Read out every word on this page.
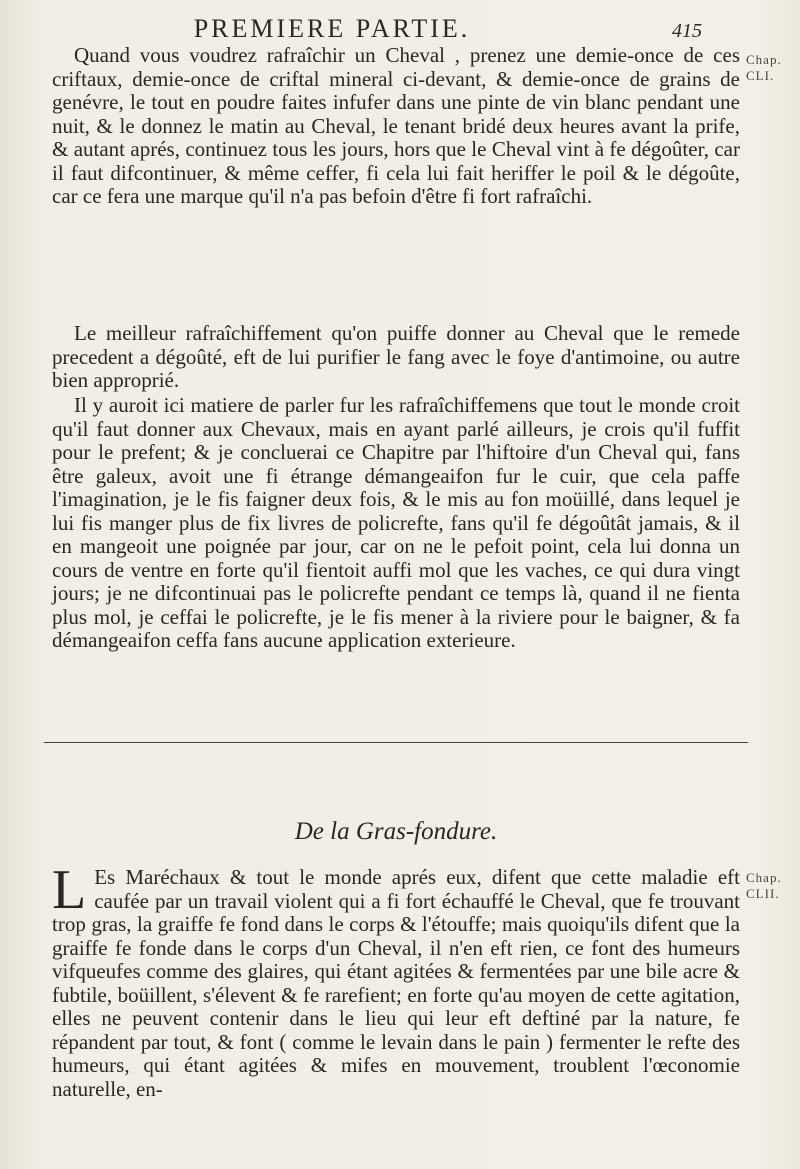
PREMIERE PARTIE.	415
Chap.
CLI.

Quand vous voudrez rafraîchir un Cheval , prenez une demie-once de ces criftaux, demie-once de criftal mineral ci-devant, & demie-once de grains de genévre, le tout en poudre faites infufer dans une pinte de vin blanc pendant une nuit, & le donnez le matin au Cheval, le tenant bridé deux heures avant la prife, & autant aprés, continuez tous les jours, hors que le Cheval vint à fe dégoûter, car il faut difcontinuer, & même ceffer, fi cela lui fait heriffer le poil & le dégoûte, car ce fera une marque qu'il n'a pas befoin d'être fi fort rafraîchi.

Le meilleur rafraîchiffement qu'on puiffe donner au Cheval que le remede precedent a dégoûté, eft de lui purifier le fang avec le foye d'antimoine, ou autre bien approprié.

Il y auroit ici matiere de parler fur les rafraîchiffemens que tout le monde croit qu'il faut donner aux Chevaux, mais en ayant parlé ailleurs, je crois qu'il fuffit pour le prefent; & je concluerai ce Chapitre par l'hiftoire d'un Cheval qui, fans être galeux, avoit une fi étrange démangeaifon fur le cuir, que cela paffe l'imagination, je le fis faigner deux fois, & le mis au fon moüillé, dans lequel je lui fis manger plus de fix livres de policrefte, fans qu'il fe dégoûtât jamais, & il en mangeoit une poignée par jour, car on ne le pefoit point, cela lui donna un cours de ventre en forte qu'il fientoit auffi mol que les vaches, ce qui dura vingt jours; je ne difcontinuai pas le policrefte pendant ce temps là, quand il ne fienta plus mol, je ceffai le policrefte, je le fis mener à la riviere pour le baigner, & fa démangeaifon ceffa fans aucune application exterieure.

De la Gras-fondure.
Chap.
CLII.

L Es Maréchaux & tout le monde aprés eux, difent que cette maladie eft caufée par un travail violent qui a fi fort échauffé le Cheval, que fe trouvant trop gras, la graiffe fe fond dans le corps & l'étouffe; mais quoiqu'ils difent que la graiffe fe fonde dans le corps d'un Cheval, il n'en eft rien, ce font des humeurs vifqueufes comme des glaires, qui étant agitées & fermentées par une bile acre & fubtile, boüillent, s'élevent & fe rarefient; en forte qu'au moyen de cette agitation, elles ne peuvent contenir dans le lieu qui leur eft deftiné par la nature, fe répandent par tout, & font ( comme le levain dans le pain ) fermenter le refte des humeurs, qui étant agitées & mifes en mouvement, troublent l'œconomie naturelle, en-
